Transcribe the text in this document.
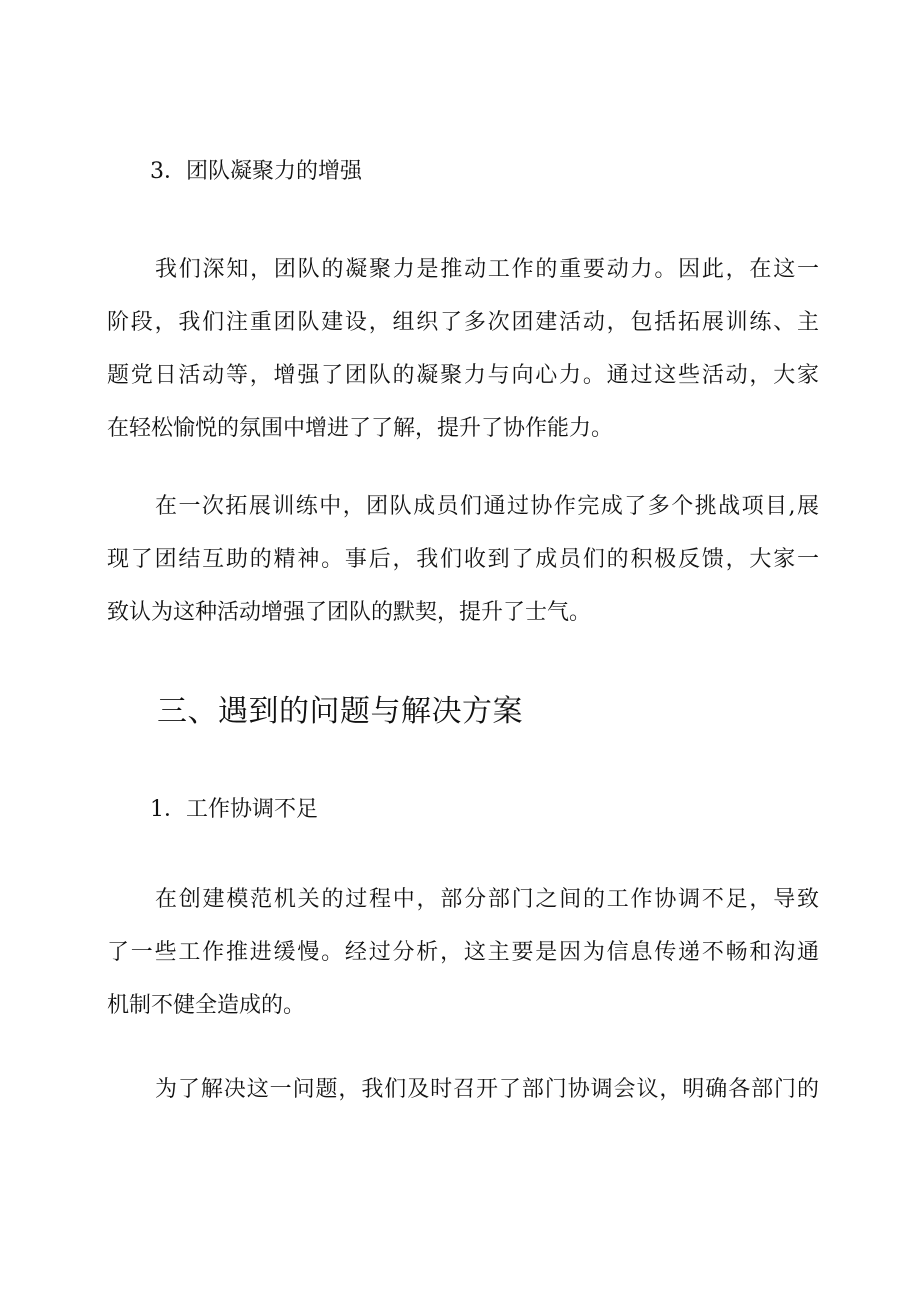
3．团队凝聚力的增强
我们深知，团队的凝聚力是推动工作的重要动力。因此，在这一
阶段，我们注重团队建设，组织了多次团建活动，包括拓展训练、主
题党日活动等，增强了团队的凝聚力与向心力。通过这些活动，大家
在轻松愉悦的氛围中增进了了解，提升了协作能力。
在一次拓展训练中，团队成员们通过协作完成了多个挑战项目,展
现了团结互助的精神。事后，我们收到了成员们的积极反馈，大家一
致认为这种活动增强了团队的默契，提升了士气。
三、遇到的问题与解决方案
1．工作协调不足
在创建模范机关的过程中，部分部门之间的工作协调不足，导致
了一些工作推进缓慢。经过分析，这主要是因为信息传递不畅和沟通
机制不健全造成的。
为了解决这一问题，我们及时召开了部门协调会议，明确各部门的
